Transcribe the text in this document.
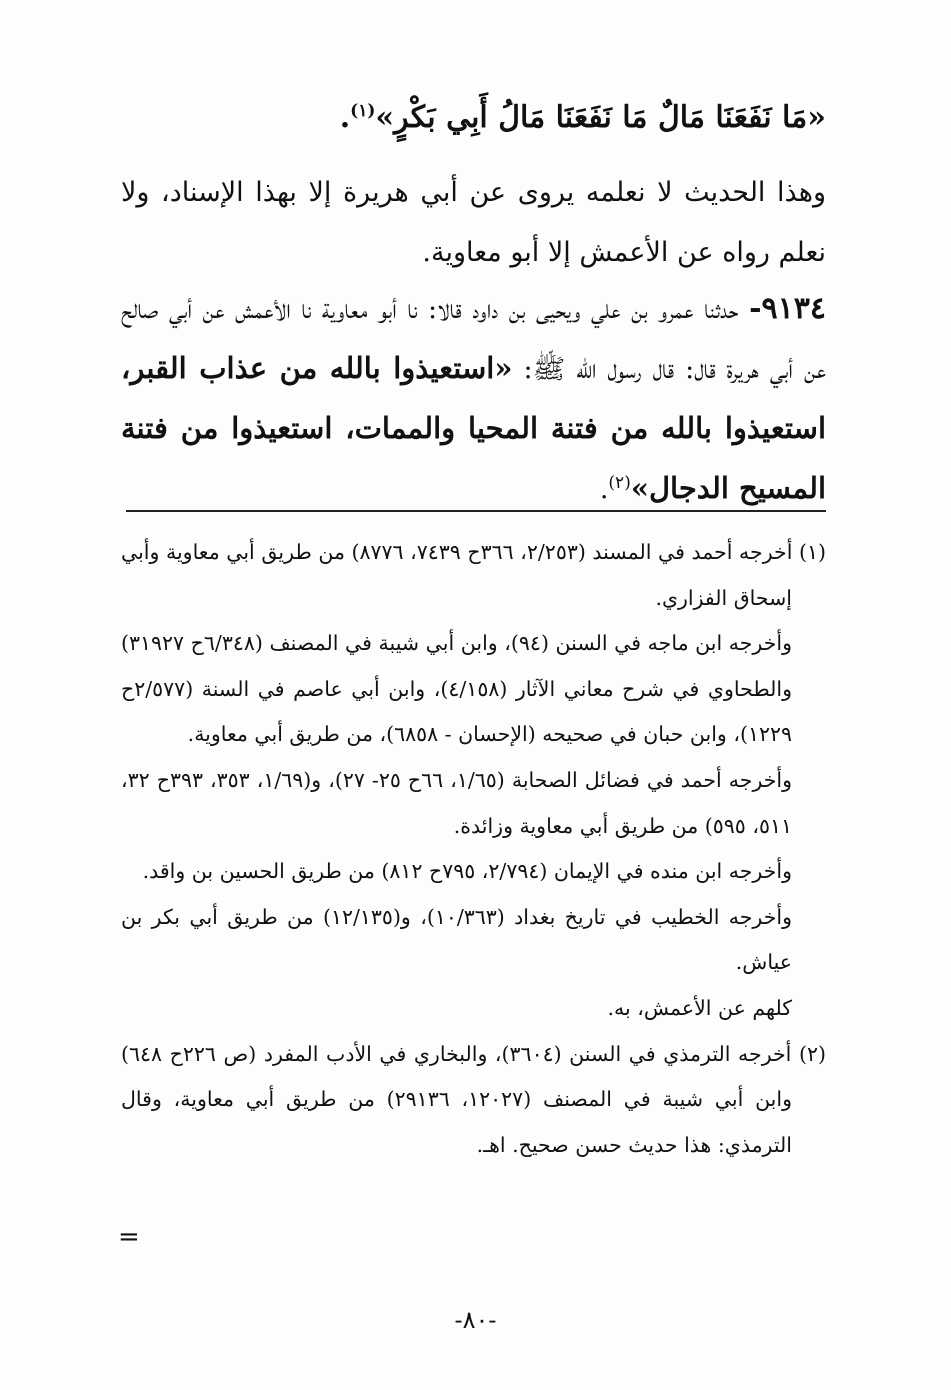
«مَا نَفَعَنَا مَالٌ مَا نَفَعَنَا مَالُ أَبِي بَكْرٍ»$^{(١)}$.
وهذا الحديث لا نعلمه يروى عن أبي هريرة إلا بهذا الإسناد، ولا نعلم رواه عن الأعمش إلا أبو معاوية.
٩١٣٤- حدثنا عمرو بن علي ويحيى بن داود قالا: نا أبو معاوية نا الأعمش عن أبي صالح عن أبي هريرة قال: قال رسول الله ﷺ: «استعيذوا بالله من عذاب القبر، استعيذوا بالله من فتنة المحيا والممات، استعيذوا من فتنة المسيح الدجال»$^{(٢)}$.

(١) أخرجه أحمد في المسند (٢/٢٥٣، ٣٦٦ح ٧٤٣٩، ٨٧٧٦) من طريق أبي معاوية وأبي إسحاق الفزاري.

وأخرجه ابن ماجه في السنن (٩٤)، وابن أبي شيبة في المصنف (٦/٣٤٨ح ٣١٩٢٧) والطحاوي في شرح معاني الآثار (٤/١٥٨)، وابن أبي عاصم في السنة (٢/٥٧٧ح ١٢٢٩)، وابن حبان في صحيحه (الإحسان - ٦٨٥٨)، من طريق أبي معاوية.

وأخرجه أحمد في فضائل الصحابة (١/٦٥، ٦٦ح ٢٥- ٢٧)، و(١/٦٩، ٣٥٣، ٣٩٣ح ٣٢، ٥١١، ٥٩٥) من طريق أبي معاوية وزائدة.

وأخرجه ابن منده في الإيمان (٢/٧٩٤، ٧٩٥ح ٨١٢) من طريق الحسين بن واقد.

وأخرجه الخطيب في تاريخ بغداد (١٠/٣٦٣)، و(١٢/١٣٥) من طريق أبي بكر بن عياش.

كلهم عن الأعمش، به.

(٢) أخرجه الترمذي في السنن (٣٦٠٤)، والبخاري في الأدب المفرد (ص ٢٢٦ح ٦٤٨) وابن أبي شيبة في المصنف (١٢٠٢٧، ٢٩١٣٦) من طريق أبي معاوية، وقال الترمذي: هذا حديث حسن صحيح. اهـ.

=
-٨٠-
